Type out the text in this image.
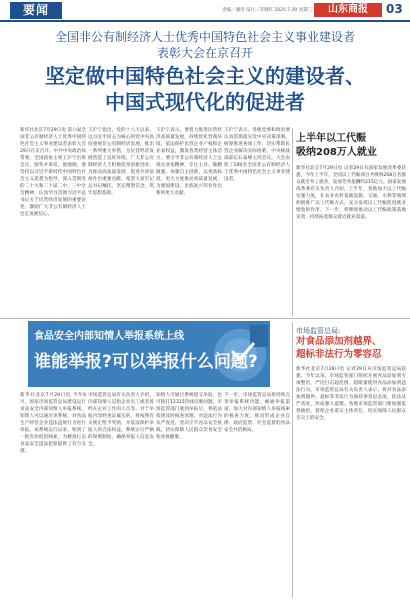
要闻	责编／潘奇 设计／苏瑞红 2025.7.30 星期三	山东商报	03
全国非公有制经济人士优秀中国特色社会主义事业建设者
表彰大会在京召开
坚定做中国特色社会主义的建设者、
中国式现代化的促进者

新华社北京7月29日电 第六届全国非公有制经济人士优秀中国特色社会主义事业建设者表彰大会29日在京召开。中共中央政治局常委、全国政协主席王沪宁出席会议，颁奖并讲话。他强调，要坚持以习近平新时代中国特色社会主义思想为指导，深入贯彻党的二十大和二十届二中、三中全会精神，认真学习贯彻习近平总书记关于民营经济发展的重要论述，激励广大非公有制经济人士坚定发展信心。

王沪宁指出，党的十八大以来，以习近平同志为核心的党中央高度重视非公有制经济发展，推出一系列重大举措，为民营经济发展营造了良好环境。广大非公有制经济人士积极投身创新创业，为推动高质量发展、促进共同富裕作出重要贡献。希望大家牢记总书记嘱托，坚定理想信念，筑牢思想基础。

王沪宁表示，要着力推进民营经济高质量发展，持续优化营商环境，依法保护民营企业产权和企业家权益，激发各类经营主体活力。要引导非公有制经济人士弘扬企业家精神，专注主业、做精做强，加强自主创新，以更高标准、更大力度推动高质量发展，为强国建设、民族复兴伟业作出新的更大贡献。

王沪宁表示，各级党委和政府要认真贯彻落实党中央决策部署，统筹推进各项工作，切实帮助民营企业解决实际困难。中央统战部部长石泰峰主持会议。大会表彰了100名全国非公有制经济人士优秀中国特色社会主义事业建设者。

上半年以工代赈
吸纳208万人就业

新华社北京7月29日电 记者29日从国家发展改革委获悉，今年上半年，全国以工代赈项目共吸纳208万名群众就近务工就业，发放劳务报酬约215亿元。国家发展改革委有关负责人介绍，上半年，各地加大以工代赈实施力度，在农业农村基础设施、交通、水利等领域积极推广以工代赈方式，充分发挥以工代赈促进就业增收的作用。下一步，将继续推动以工代赈政策落地见效，持续拓宽群众就近就业渠道。

食品安全内部知情人举报系统上线
谁能举报?可以举报什么问题?

新华社北京7月29日电 今年6月，国家市场监管总局建设运行食品安全内部知情人举报系统。知情人可以通过该系统，对食品生产经营企业违法违规行为进行举报。该系统运行以来，收到了一批有价值的线索，为精准打击食品安全违法犯罪提供了有力支撑。

市场监管总局有关负责人介绍，内部知情人是指企业员工或者曾经在企业工作的人员等。对于举报内容经查证属实的，将按照有关规定给予奖励，并依法保护举报人的合法权益。系统实行严格的保密制度，确保举报人信息安全。

知情人可通过系统提交举报，也可拨打12315热线反映问题。市场监管部门收到举报后，将依法依规及时核查处理，对违法行为从严查处，坚决守牢食品安全底线，切实保障人民群众饮食安全和身体健康。

下一步，市场监管总局将持续完善举报系统功能，畅通举报渠道，加大对内部知情人举报线索的核查力度，推动形成企业自律、政府监管、社会监督的食品安全共治格局。

市场监管总局:
对食品添加剂越界、
超标非法行为零容忍

新华社北京7月29日电 记者29日从市场监管总局获悉，今年以来，市场监管部门组织开展食品添加剂专项整治，严厉打击超范围、超限量使用食品添加剂违法行为。市场监管总局有关负责人表示，将对食品添加剂越界、超标等非法行为保持零容忍态度，依法从严查处，形成强大震慑。各地市场监管部门要加强监督抽检，督促企业落实主体责任，切实保障人民群众舌尖上的安全。
